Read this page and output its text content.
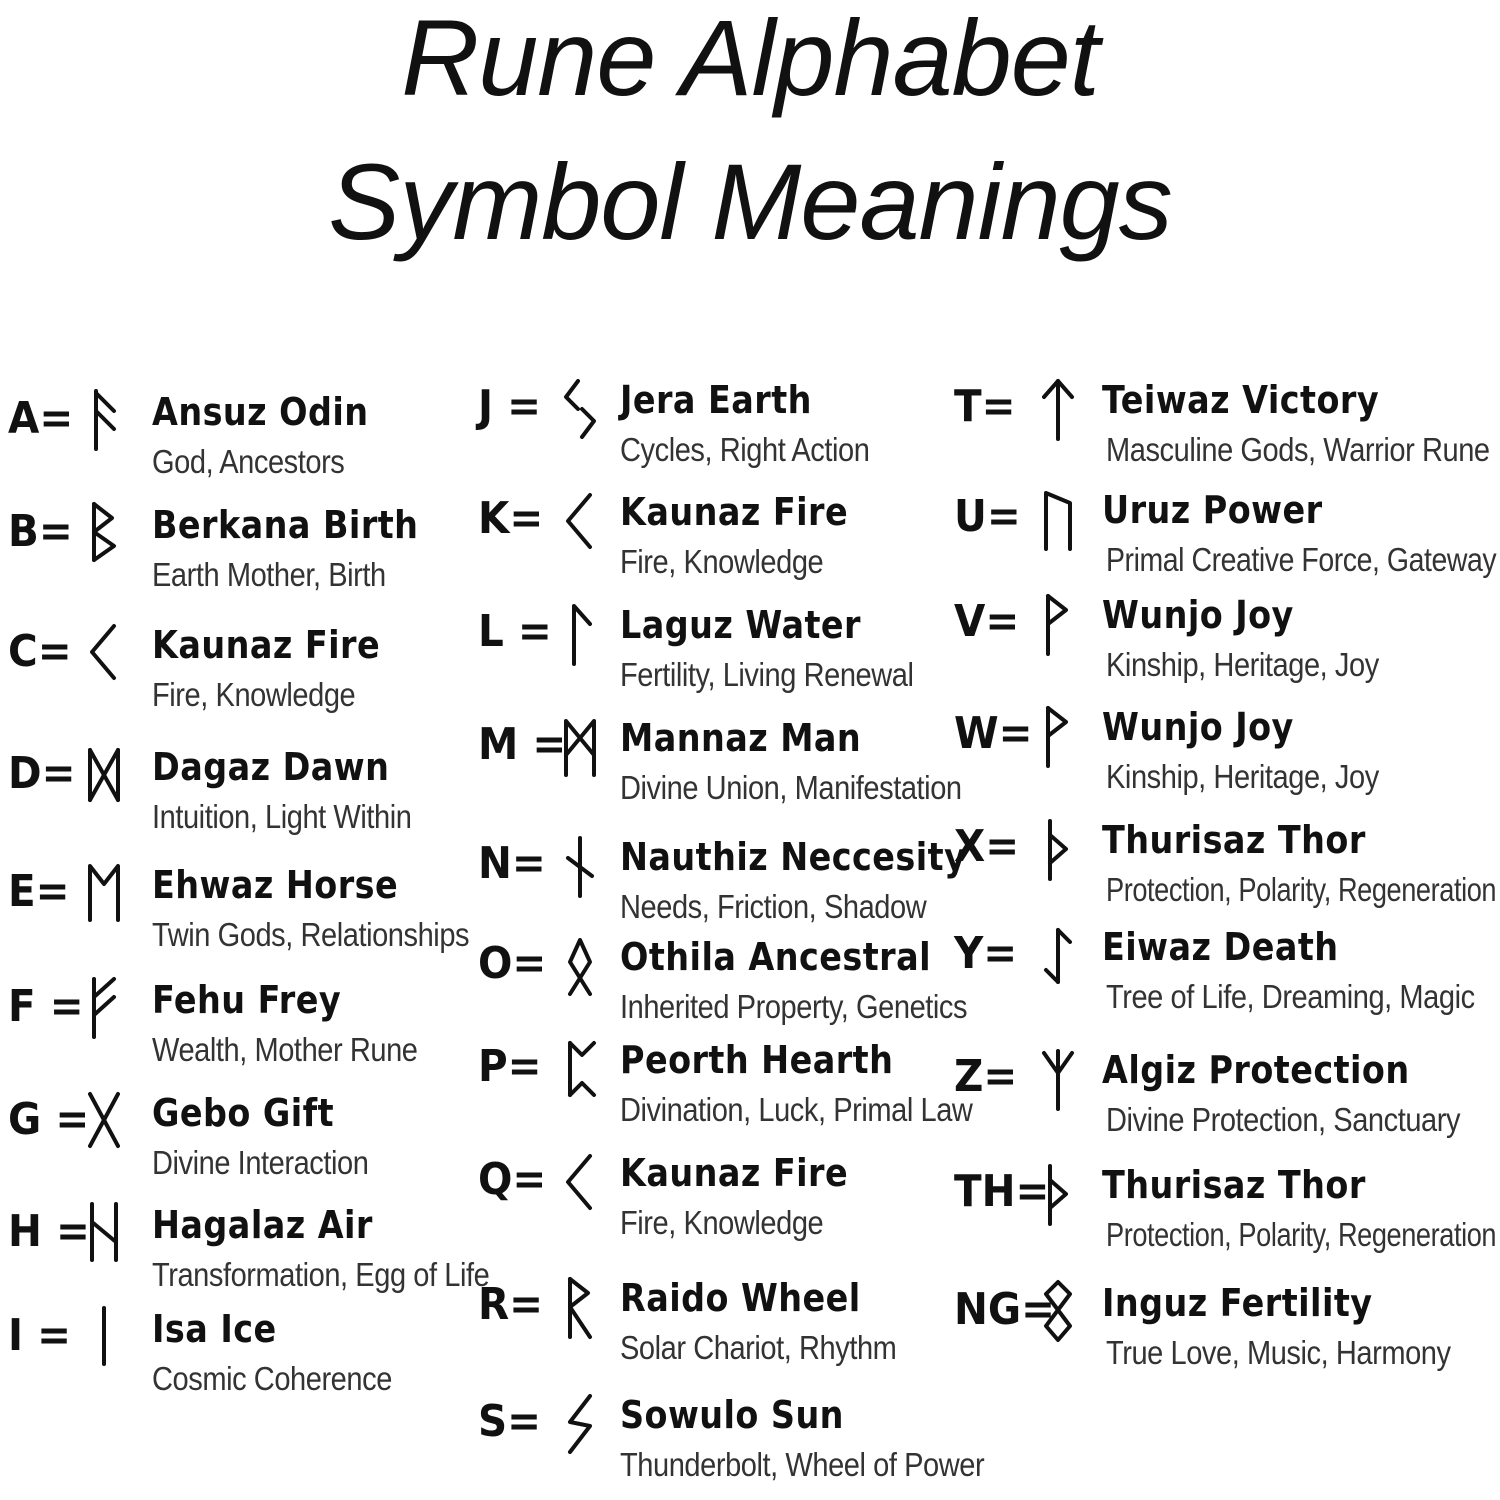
Rune Alphabet
Symbol Meanings
A= Ansuz Odin
God, Ancestors
B= Berkana Birth
Earth Mother, Birth
C= Kaunaz Fire
Fire, Knowledge
D= Dagaz Dawn
Intuition, Light Within
E= Ehwaz Horse
Twin Gods, Relationships
F = Fehu Frey
Wealth, Mother Rune
G = Gebo Gift
Divine Interaction
H = Hagalaz Air
Transformation, Egg of Life
I = Isa Ice
Cosmic Coherence
J = Jera Earth
Cycles, Right Action
K= Kaunaz Fire
Fire, Knowledge
L = Laguz Water
Fertility, Living Renewal
M = Mannaz Man
Divine Union, Manifestation
N= Nauthiz Neccesity
Needs, Friction, Shadow
O= Othila Ancestral
Inherited Property, Genetics
P= Peorth Hearth
Divination, Luck, Primal Law
Q= Kaunaz Fire
Fire, Knowledge
R= Raido Wheel
Solar Chariot, Rhythm
S= Sowulo Sun
Thunderbolt, Wheel of Power
T= Teiwaz Victory
Masculine Gods, Warrior Rune
U= Uruz Power
Primal Creative Force, Gateway
V= Wunjo Joy
Kinship, Heritage, Joy
W= Wunjo Joy
Kinship, Heritage, Joy
X= Thurisaz Thor
Protection, Polarity, Regeneration
Y= Eiwaz Death
Tree of Life, Dreaming, Magic
Z= Algiz Protection
Divine Protection, Sanctuary
TH= Thurisaz Thor
Protection, Polarity, Regeneration
NG= Inguz Fertility
True Love, Music, Harmony
